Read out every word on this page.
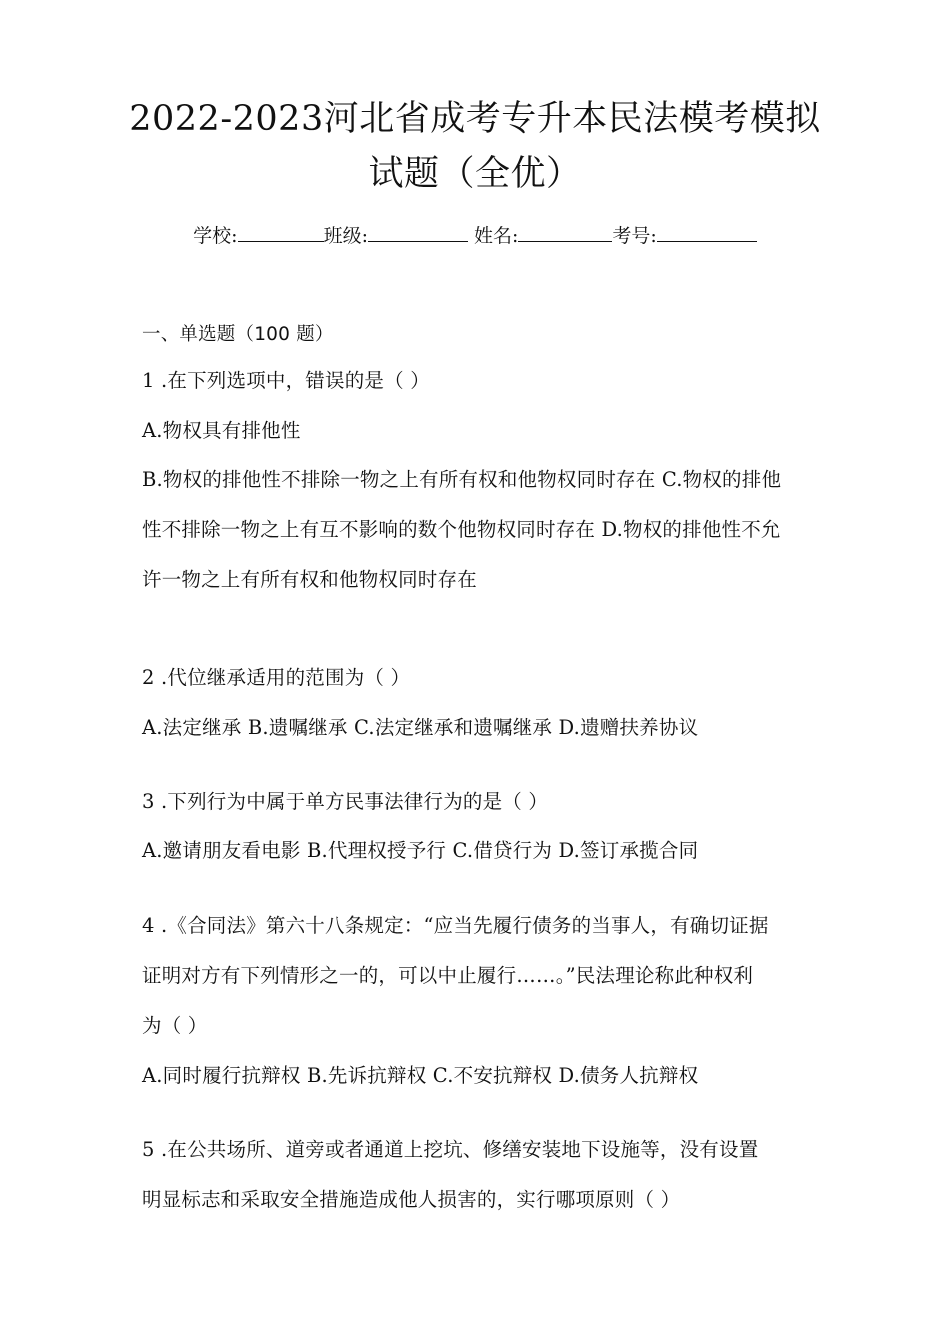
2022-2023河北省成考专升本民法模考模拟
试题（全优）
学校:	班级:	姓名:	考号:
一、单选题（100 题）
1 .在下列选项中，错误的是（ ）
A.物权具有排他性
B.物权的排他性不排除一物之上有所有权和他物权同时存在 C.物权的排他
性不排除一物之上有互不影响的数个他物权同时存在 D.物权的排他性不允
许一物之上有所有权和他物权同时存在
2 .代位继承适用的范围为（ ）
A.法定继承 B.遗嘱继承 C.法定继承和遗嘱继承 D.遗赠扶养协议
3 .下列行为中属于单方民事法律行为的是（ ）
A.邀请朋友看电影 B.代理权授予行 C.借贷行为 D.签订承揽合同
4 .《合同法》第六十八条规定：“应当先履行债务的当事人，有确切证据
证明对方有下列情形之一的，可以中止履行……。”民法理论称此种权利
为（ ）
A.同时履行抗辩权 B.先诉抗辩权 C.不安抗辩权 D.债务人抗辩权
5 .在公共场所、道旁或者通道上挖坑、修缮安装地下设施等，没有设置
明显标志和采取安全措施造成他人损害的，实行哪项原则（ ）
